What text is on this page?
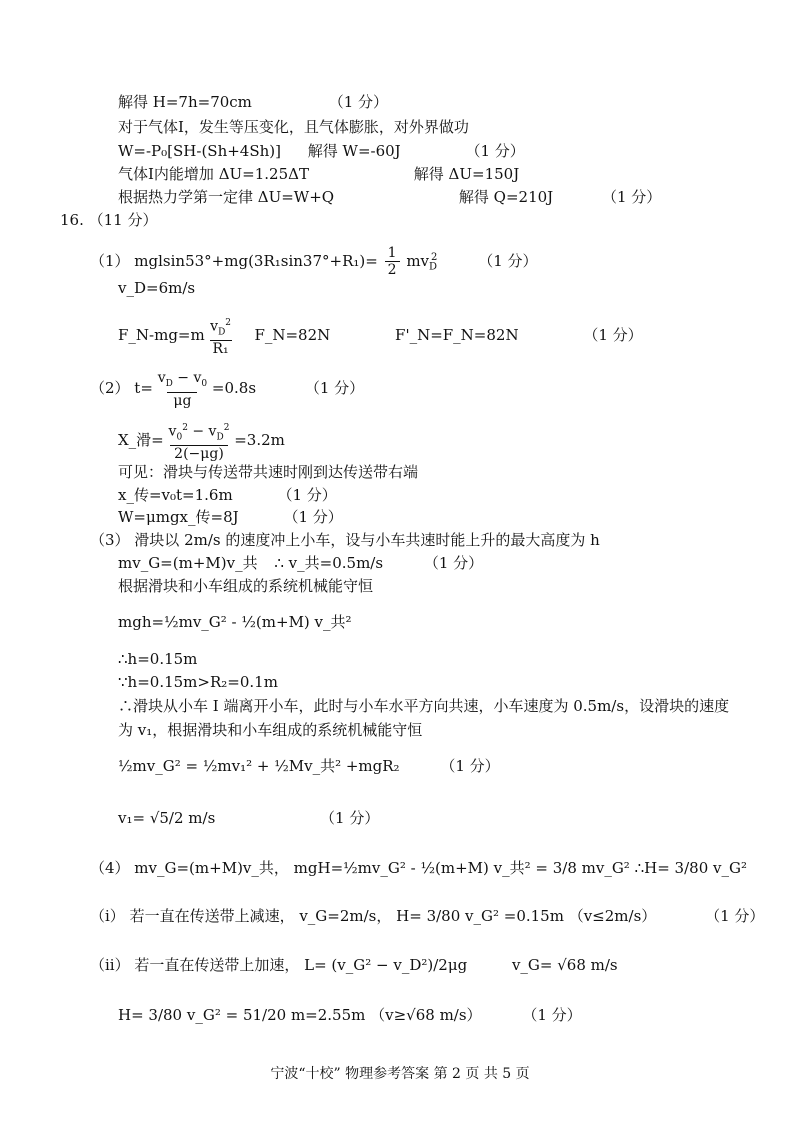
解得 H=7h=70cm	（1 分）
对于气体I，发生等压变化，且气体膨胀，对外界做功
W=-P₀[SH-(Sh+4Sh)] 解得 W=-60J	（1 分）
气体I内能增加 ΔU=1.25ΔT	解得 ΔU=150J
根据热力学第一定律 ΔU=W+Q	解得 Q=210J	（1 分）
16. （11 分）
（1） mglsin53°+mg(3R₁sin37°+R₁)= 1
2 $mv_D^2$	（1 分）
v_D=6m/s
F_N-mg=m $v_D^2$
R₁ F_N=82N	F'_N=F_N=82N	（1 分）
（2） $t= v_D - v_0$
μg =0.8s	（1 分）
X_滑= $v_0^2 - v_D^2$
2(−μg) =3.2m
可见：滑块与传送带共速时刚到达传送带右端
x_传=v₀t=1.6m	（1 分）
W=μmgx_传=8J	（1 分）
（3） 滑块以 2m/s 的速度冲上小车，设与小车共速时能上升的最大高度为 h
mv_G=(m+M)v_共 ∴ v_共=0.5m/s	（1 分）
根据滑块和小车组成的系统机械能守恒
mgh=½mv_G² - ½(m+M) v_共²
∴h=0.15m
∵h=0.15m>R₂=0.1m
∴滑块从小车 I 端离开小车，此时与小车水平方向共速，小车速度为 0.5m/s，设滑块的速度
为 v₁，根据滑块和小车组成的系统机械能守恒
½mv_G² = ½mv₁² + ½Mv_共² +mgR₂	（1 分）
v₁= √5/2 m/s	（1 分）
（4） mv_G=(m+M)v_共， mgH=½mv_G² - ½(m+M) v_共² = 3/8 mv_G² ∴H= 3/80 v_G²
（i） 若一直在传送带上减速， v_G=2m/s， H= 3/80 v_G² =0.15m （v≤2m/s）	（1 分）
（ii） 若一直在传送带上加速， L= (v_G² − v_D²)/2μg	v_G= √68 m/s
H= 3/80 v_G² = 51/20 m=2.55m （v≥√68 m/s）	（1 分）
宁波“十校” 物理参考答案 第 2 页 共 5 页
